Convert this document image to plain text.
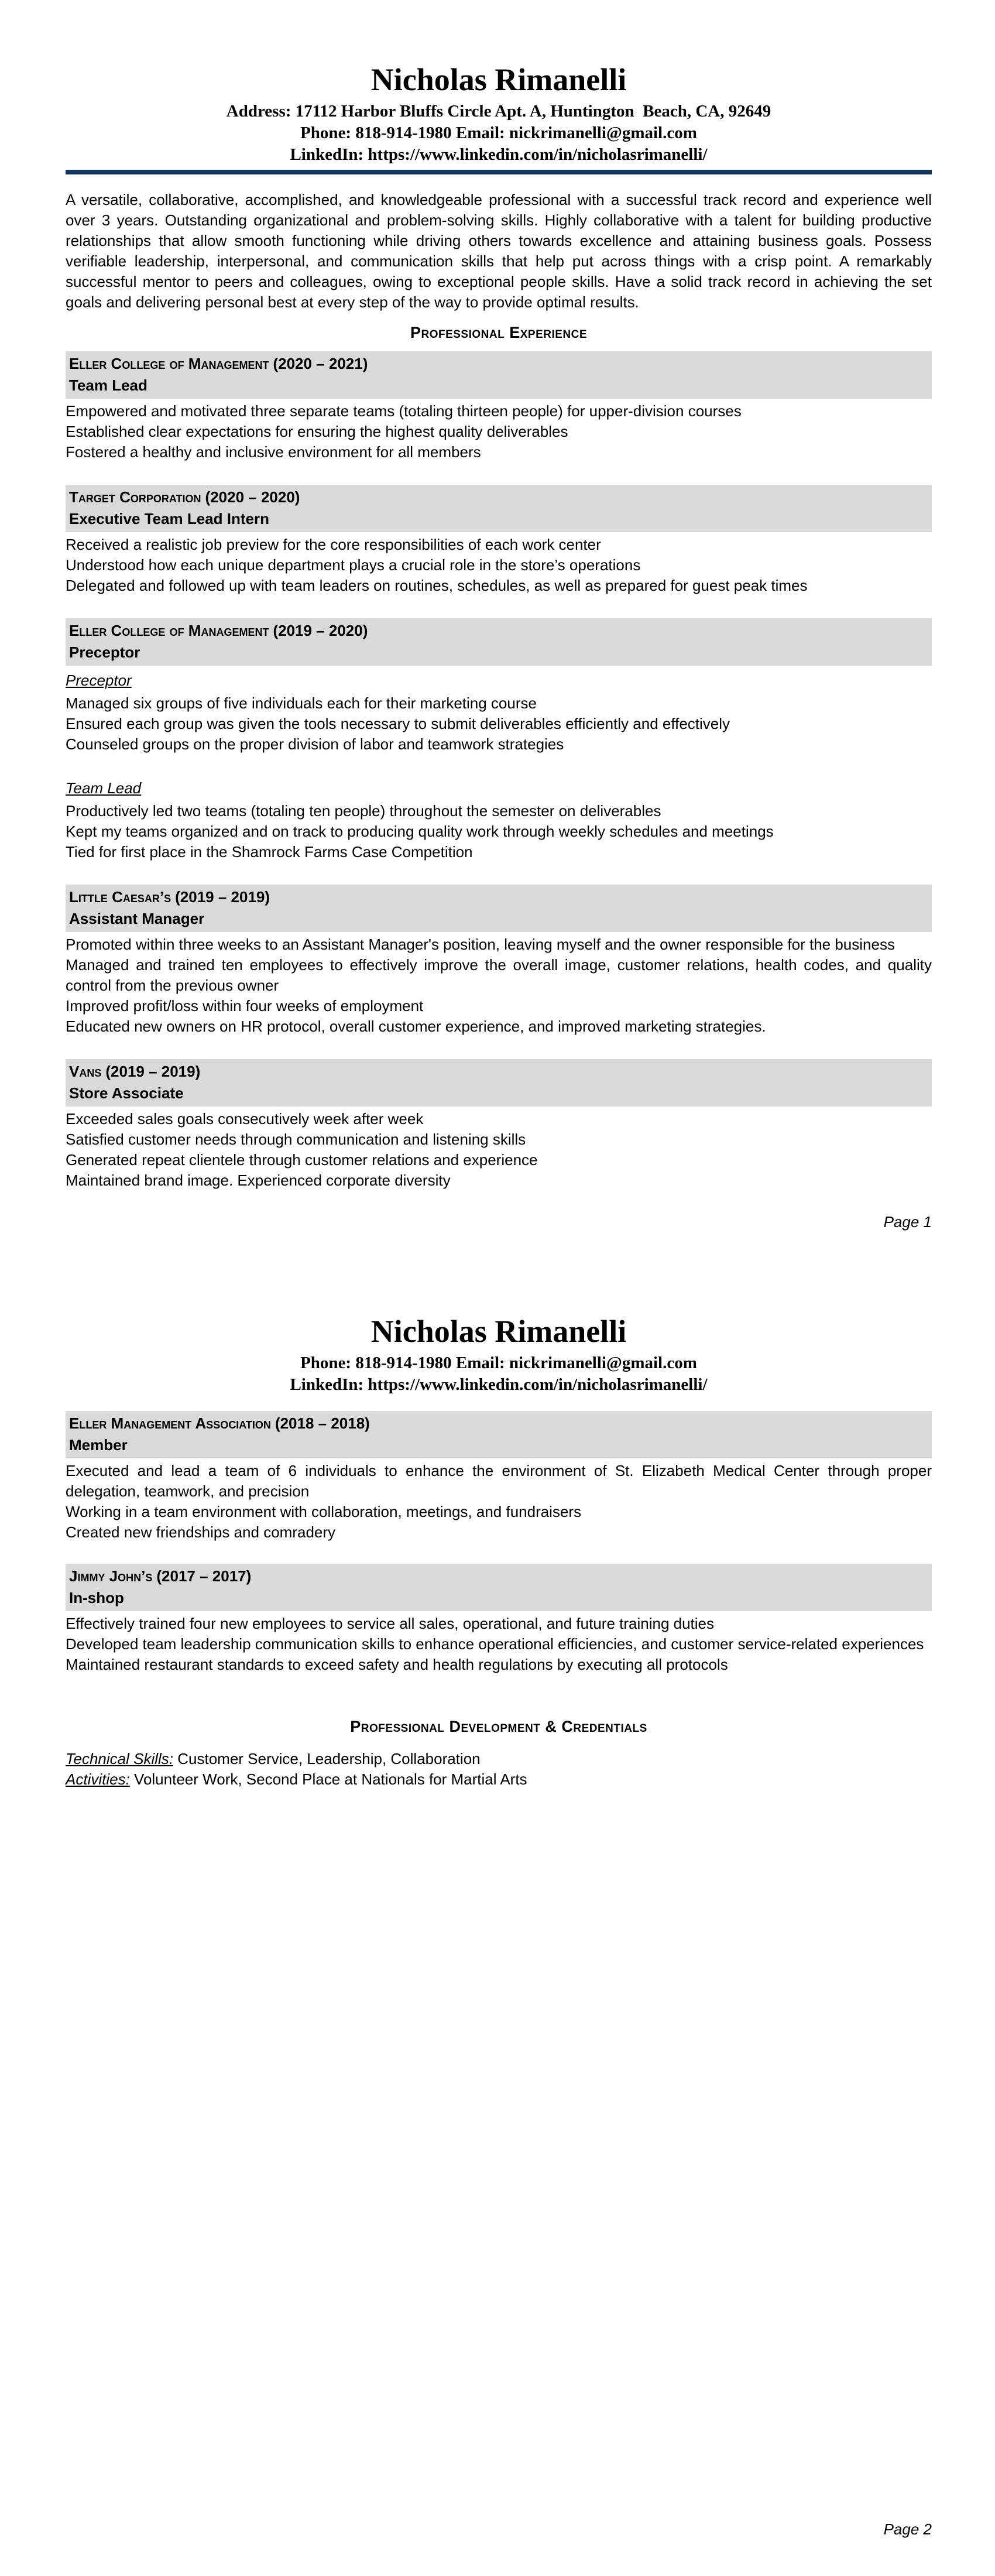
Nicholas Rimanelli
Address: 17112 Harbor Bluffs Circle Apt. A, Huntington  Beach, CA, 92649
Phone: 818-914-1980 Email: nickrimanelli@gmail.com
LinkedIn: https://www.linkedin.com/in/nicholasrimanelli/

A versatile, collaborative, accomplished, and knowledgeable professional with a successful track record and experience well over 3 years. Outstanding organizational and problem-solving skills. Highly collaborative with a talent for building productive relationships that allow smooth functioning while driving others towards excellence and attaining business goals. Possess verifiable leadership, interpersonal, and communication skills that help put across things with a crisp point. A remarkably successful mentor to peers and colleagues, owing to exceptional people skills. Have a solid track record in achieving the set goals and delivering personal best at every step of the way to provide optimal results.

Professional Experience
Eller College of Management (2020 – 2021)
Team Lead

Empowered and motivated three separate teams (totaling thirteen people) for upper-division courses

Established clear expectations for ensuring the highest quality deliverables

Fostered a healthy and inclusive environment for all members

Target Corporation (2020 – 2020)
Executive Team Lead Intern

Received a realistic job preview for the core responsibilities of each work center

Understood how each unique department plays a crucial role in the store’s operations

Delegated and followed up with team leaders on routines, schedules, as well as prepared for guest peak times

Eller College of Management (2019 – 2020)
Preceptor
Preceptor

Managed six groups of five individuals each for their marketing course

Ensured each group was given the tools necessary to submit deliverables efficiently and effectively

Counseled groups on the proper division of labor and teamwork strategies

Team Lead

Productively led two teams (totaling ten people) throughout the semester on deliverables

Kept my teams organized and on track to producing quality work through weekly schedules and meetings

Tied for first place in the Shamrock Farms Case Competition

Little Caesar’s (2019 – 2019)
Assistant Manager

Promoted within three weeks to an Assistant Manager's position, leaving myself and the owner responsible for the business

Managed and trained ten employees to effectively improve the overall image, customer relations, health codes, and quality control from the previous owner

Improved profit/loss within four weeks of employment

Educated new owners on HR protocol, overall customer experience, and improved marketing strategies.

Vans (2019 – 2019)
Store Associate

Exceeded sales goals consecutively week after week

Satisfied customer needs through communication and listening skills

Generated repeat clientele through customer relations and experience

Maintained brand image. Experienced corporate diversity

Page 1
Nicholas Rimanelli
Phone: 818-914-1980 Email: nickrimanelli@gmail.com
LinkedIn: https://www.linkedin.com/in/nicholasrimanelli/
Eller Management Association (2018 – 2018)
Member

Executed and lead a team of 6 individuals to enhance the environment of St. Elizabeth Medical Center through proper delegation, teamwork, and precision

Working in a team environment with collaboration, meetings, and fundraisers

Created new friendships and comradery

Jimmy John’s (2017 – 2017)
In-shop

Effectively trained four new employees to service all sales, operational, and future training duties

Developed team leadership communication skills to enhance operational efficiencies, and customer service-related experiences

Maintained restaurant standards to exceed safety and health regulations by executing all protocols

Professional Development & Credentials

Technical Skills: Customer Service, Leadership, Collaboration

Activities: Volunteer Work, Second Place at Nationals for Martial Arts

Page 2
